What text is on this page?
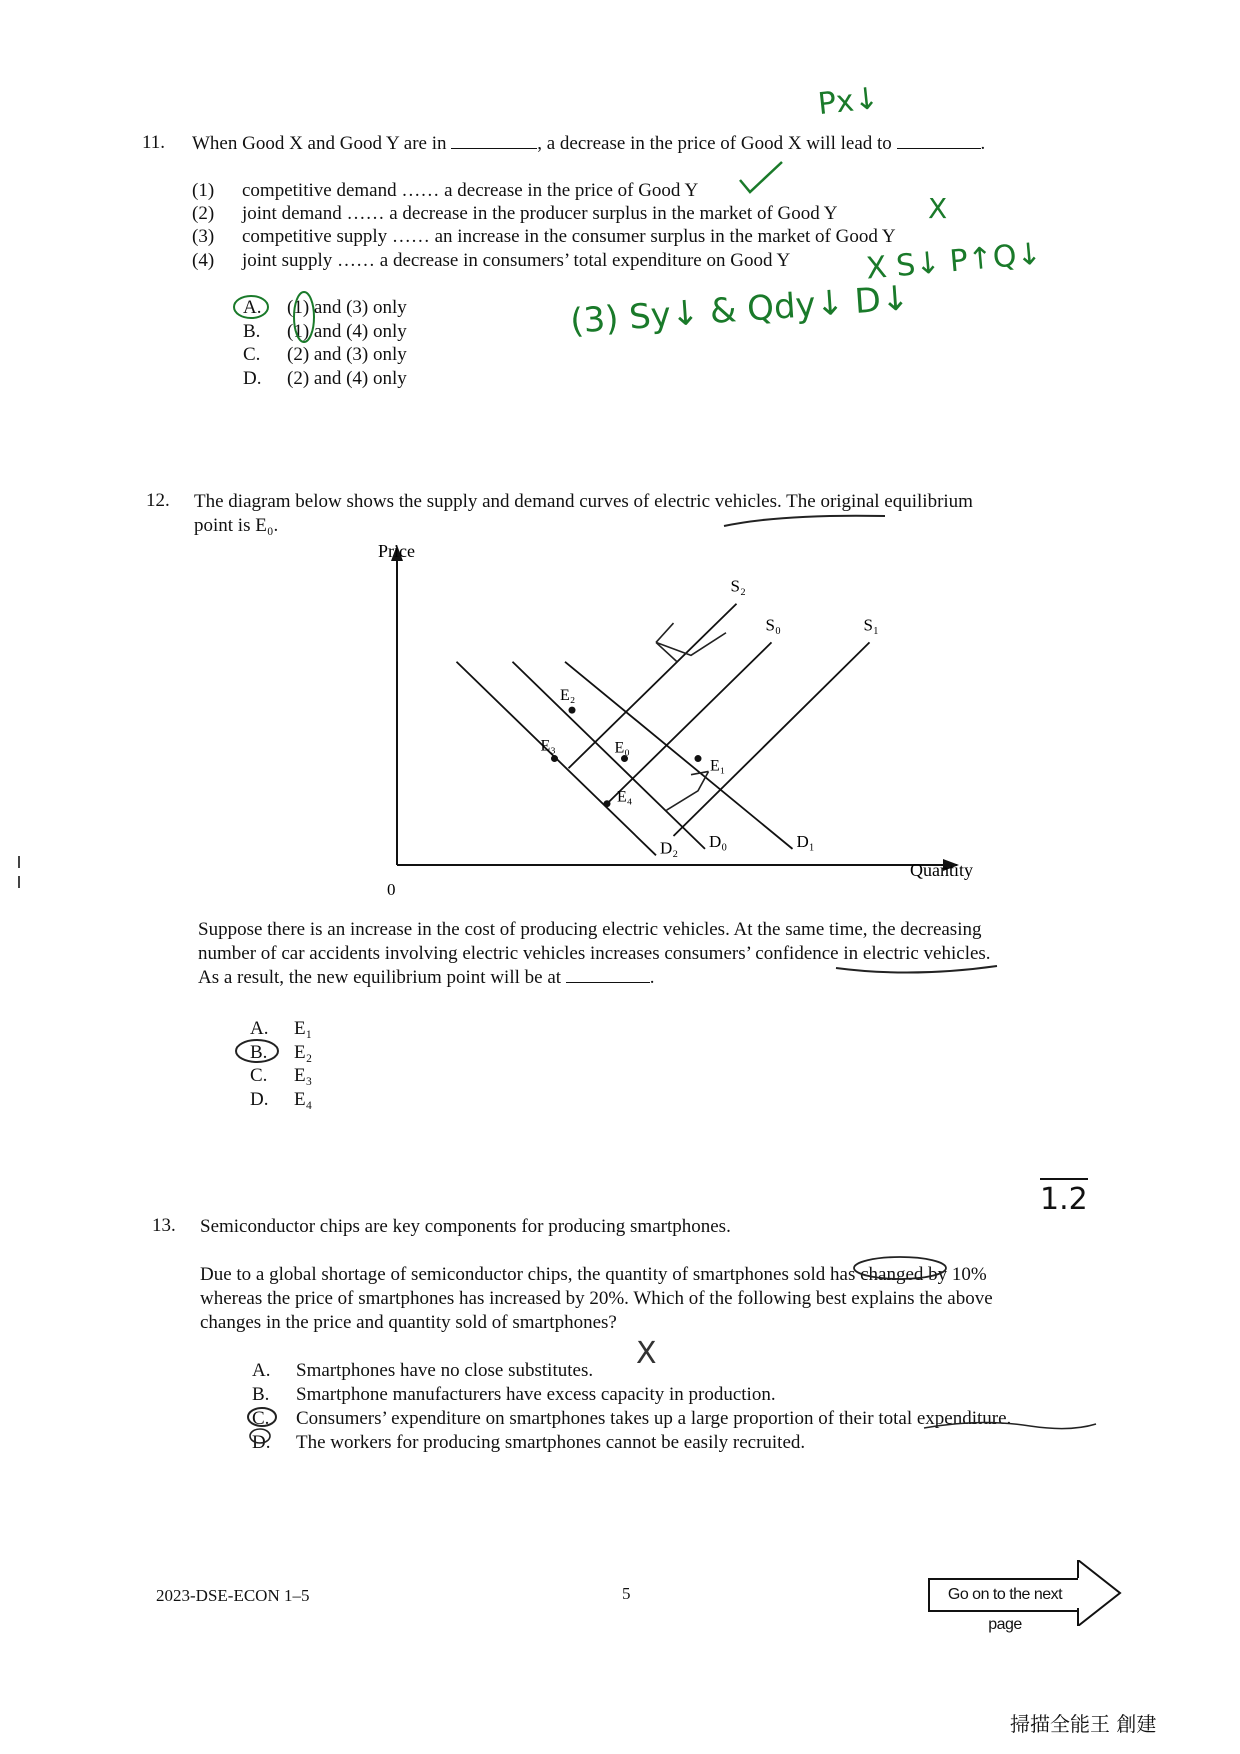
Px↓
11. When Good X and Good Y are in	, a decrease in the price of Good X will lead to	.
(1) competitive demand …… a decrease in the price of Good Y
(2) joint demand …… a decrease in the producer surplus in the market of Good Y
(3) competitive supply …… an increase in the consumer surplus in the market of Good Y
(4) joint supply …… a decrease in consumers’ total expenditure on Good Y
X
X S↓ P↑Q↓
(3) Sy↓ & Qdy↓ D↓
A. (1) and (3) only
B. (1) and (4) only
C. (2) and (3) only
D. (2) and (4) only
12. The diagram below shows the supply and demand curves of electric vehicles. The original equilibrium
point is E₀.
S₂
S₀	S₁
D₂ D₀	D₁
E₀
E₁
E₂
E₃
E₄
Price
Quantity
0
Suppose there is an increase in the cost of producing electric vehicles. At the same time, the decreasing
number of car accidents involving electric vehicles increases consumers’ confidence in electric vehicles.
As a result, the new equilibrium point will be at	.
A. E₁
B. E₂
C. E₃
D. E₄
1.2
13. Semiconductor chips are key components for producing smartphones.
Due to a global shortage of semiconductor chips, the quantity of smartphones sold has changed by 10%
whereas the price of smartphones has increased by 20%. Which of the following best explains the above
changes in the price and quantity sold of smartphones?
A. Smartphones have no close substitutes. X
B. Smartphone manufacturers have excess capacity in production.
C. Consumers’ expenditure on smartphones takes up a large proportion of their total expenditure.
D. The workers for producing smartphones cannot be easily recruited.
2023-DSE-ECON 1–5	5	Go on to the next page
掃描全能王 創建
